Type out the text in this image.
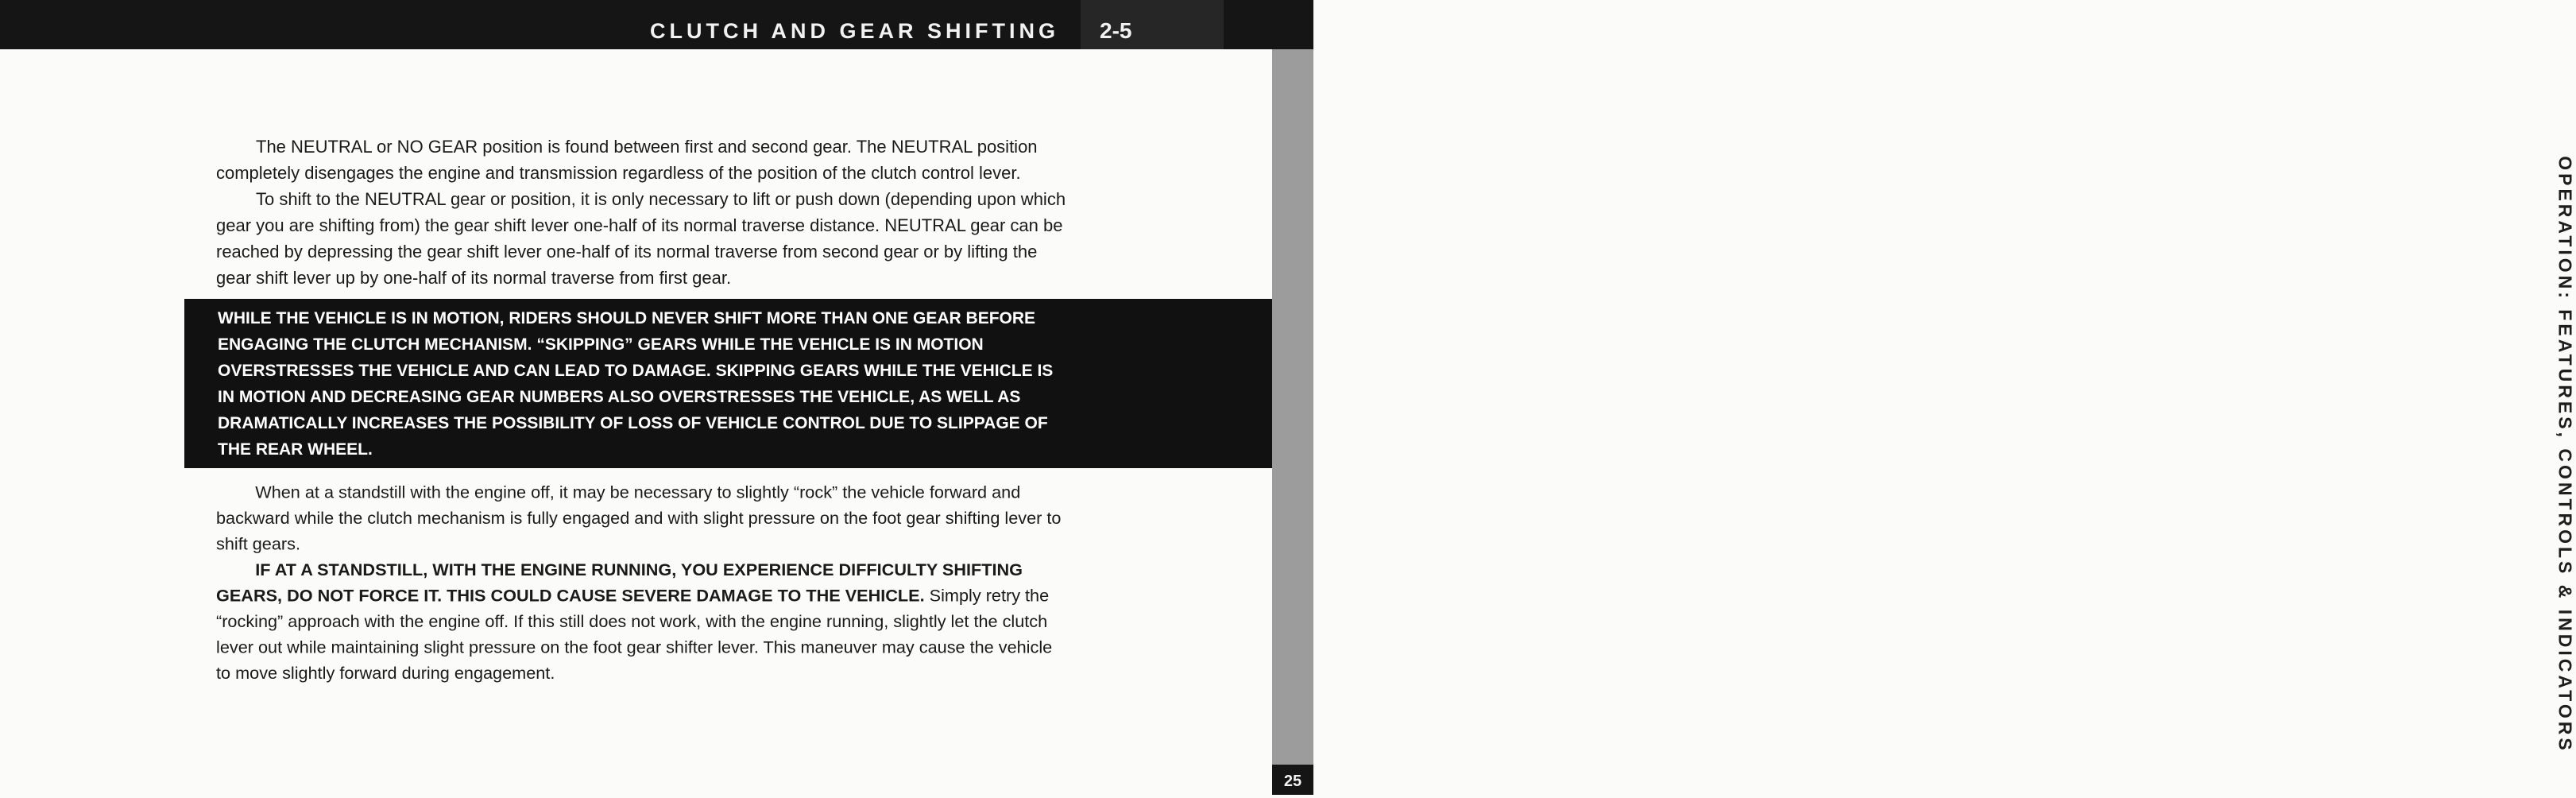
CLUTCH AND GEAR SHIFTING 2-5
OPERATION: FEATURES, CONTROLS & INDICATORS

The NEUTRAL or NO GEAR position is found between first and second gear. The NEUTRAL position completely disengages the engine and transmission regardless of the position of the clutch control lever.

To shift to the NEUTRAL gear or position, it is only necessary to lift or push down (depending upon which gear you are shifting from) the gear shift lever one-half of its normal traverse distance. NEUTRAL gear can be reached by depressing the gear shift lever one-half of its normal traverse from second gear or by lifting the gear shift lever up by one-half of its normal traverse from first gear.

WHILE THE VEHICLE IS IN MOTION, RIDERS SHOULD NEVER SHIFT MORE THAN ONE GEAR BEFORE ENGAGING THE CLUTCH MECHANISM. “SKIPPING” GEARS WHILE THE VEHICLE IS IN MOTION OVERSTRESSES THE VEHICLE AND CAN LEAD TO DAMAGE. SKIPPING GEARS WHILE THE VEHICLE IS IN MOTION AND DECREASING GEAR NUMBERS ALSO OVERSTRESSES THE VEHICLE, AS WELL AS DRAMATICALLY INCREASES THE POSSIBILITY OF LOSS OF VEHICLE CONTROL DUE TO SLIPPAGE OF THE REAR WHEEL.

When at a standstill with the engine off, it may be necessary to slightly “rock” the vehicle forward and backward while the clutch mechanism is fully engaged and with slight pressure on the foot gear shifting lever to shift gears.

IF AT A STANDSTILL, WITH THE ENGINE RUNNING, YOU EXPERIENCE DIFFICULTY SHIFTING GEARS, DO NOT FORCE IT. THIS COULD CAUSE SEVERE DAMAGE TO THE VEHICLE. Simply retry the “rocking” approach with the engine off. If this still does not work, with the engine running, slightly let the clutch lever out while maintaining slight pressure on the foot gear shifter lever. This maneuver may cause the vehicle to move slightly forward during engagement.

25
